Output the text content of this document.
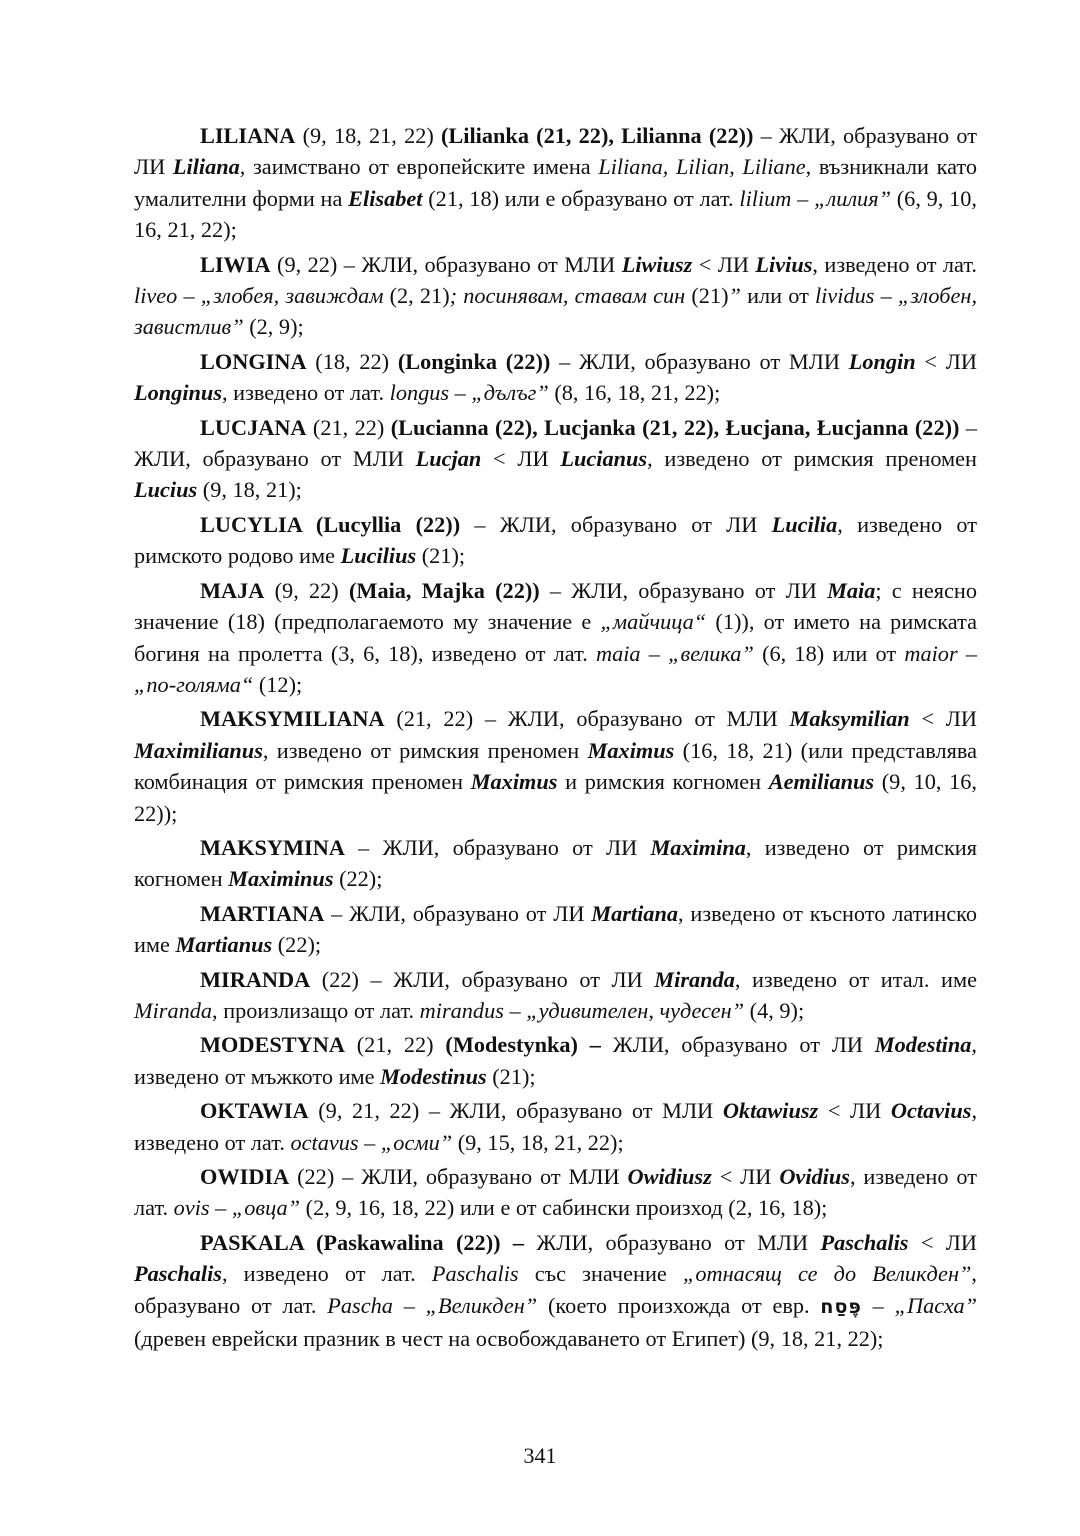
LILIANA (9, 18, 21, 22) (Lilianka (21, 22), Lilianna (22)) – ЖЛИ, образувано от ЛИ Liliana, заимствано от европейските имена Liliana, Lilian, Liliane, възникнали като умалителни форми на Elisabet (21, 18) или е образувано от лат. lilium – „лилия” (6, 9, 10, 16, 21, 22);

LIWIA (9, 22) – ЖЛИ, образувано от МЛИ Liwiusz < ЛИ Livius, изведено от лат. liveo – „злобея, завиждам (2, 21); посинявам, ставам син (21)” или от lividus – „злобен, завистлив” (2, 9);

LONGINA (18, 22) (Longinka (22)) – ЖЛИ, образувано от МЛИ Longin < ЛИ Longinus, изведено от лат. longus – „дълъг” (8, 16, 18, 21, 22);

LUCJANA (21, 22) (Lucianna (22), Lucjanka (21, 22), Łucjana, Łucjanna (22)) – ЖЛИ, образувано от МЛИ Lucjan < ЛИ Lucianus, изведено от римския преномен Lucius (9, 18, 21);

LUCYLIA (Lucyllia (22)) – ЖЛИ, образувано от ЛИ Lucilia, изведено от римското родово име Lucilius (21);

MAJA (9, 22) (Maia, Majka (22)) – ЖЛИ, образувано от ЛИ Maia; с неясно значение (18) (предполагаемото му значение е „майчица“ (1)), от името на римската богиня на пролетта (3, 6, 18), изведено от лат. maia – „велика” (6, 18) или от maior – „по-голяма“ (12);

MAKSYMILIANA (21, 22) – ЖЛИ, образувано от МЛИ Maksymilian < ЛИ Maximilianus, изведено от римския преномен Maximus (16, 18, 21) (или представлява комбинация от римския преномен Maximus и римския когномен Aemilianus (9, 10, 16, 22));

MAKSYMINA – ЖЛИ, образувано от ЛИ Maximina, изведено от римския когномен Maximinus (22);

MARTIANA – ЖЛИ, образувано от ЛИ Martiana, изведено от късното латинско име Martianus (22);

MIRANDA (22) – ЖЛИ, образувано от ЛИ Miranda, изведено от итал. име Miranda, произлизащо от лат. mirandus – „удивителен, чудесен” (4, 9);

MODESTYNA (21, 22) (Modestynka) – ЖЛИ, образувано от ЛИ Modestina, изведено от мъжкото име Modestinus (21);

OKTAWIA (9, 21, 22) – ЖЛИ, образувано от МЛИ Oktawiusz < ЛИ Octavius, изведено от лат. octavus – „осми” (9, 15, 18, 21, 22);

OWIDIA (22) – ЖЛИ, образувано от МЛИ Owidiusz < ЛИ Ovidius, изведено от лат. ovis – „овца” (2, 9, 16, 18, 22) или е от сабински произход (2, 16, 18);

PASKALA (Paskawalina (22)) – ЖЛИ, образувано от МЛИ Paschalis < ЛИ Paschalis, изведено от лат. Paschalis със значение „отнасящ се до Великден”, образувано от лат. Pascha – „Великден” (което произхожда от евр. פֶּסַח – „Пасха” (древен еврейски празник в чест на освобождаването от Египет) (9, 18, 21, 22);

341
